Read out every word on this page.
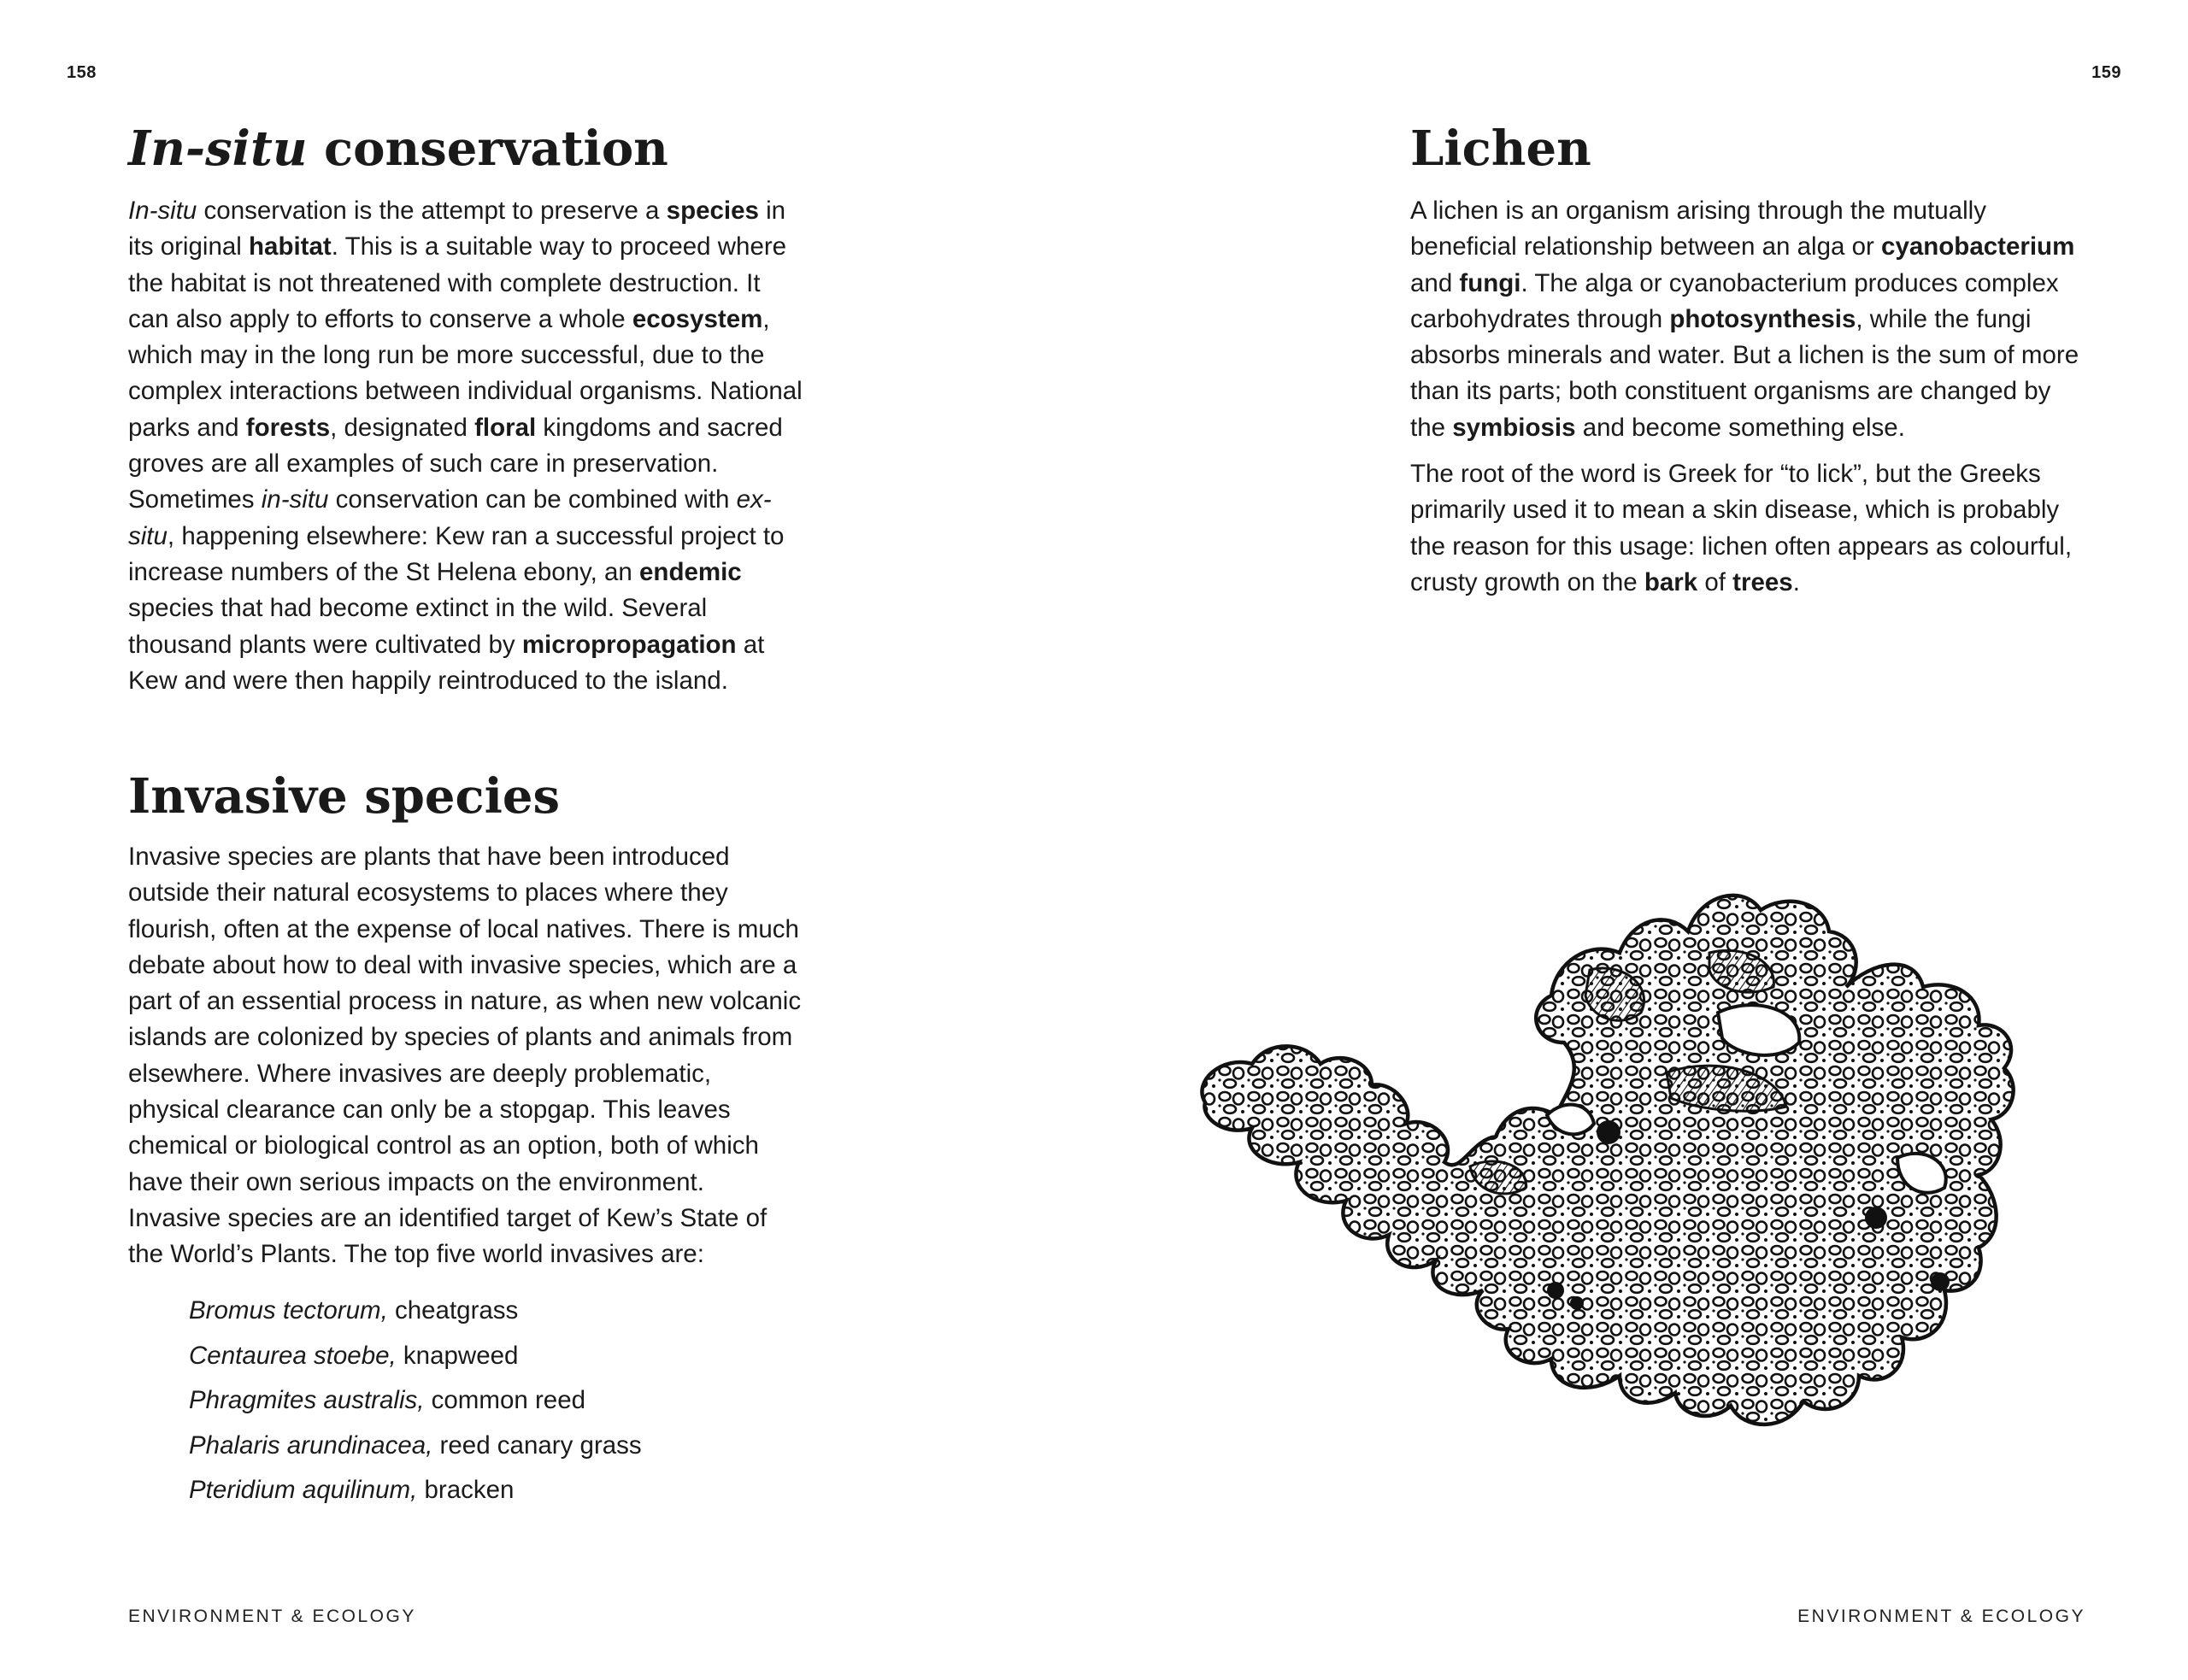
158
In-situ conservation
In-situ conservation is the attempt to preserve a species in its original habitat. This is a suitable way to proceed where the habitat is not threatened with complete destruction. It can also apply to efforts to conserve a whole ecosystem, which may in the long run be more successful, due to the complex interactions between individual organisms. National parks and forests, designated floral kingdoms and sacred groves are all examples of such care in preservation. Sometimes in-situ conservation can be combined with ex-situ, happening elsewhere: Kew ran a successful project to increase numbers of the St Helena ebony, an endemic species that had become extinct in the wild. Several thousand plants were cultivated by micropropagation at Kew and were then happily reintroduced to the island.
Invasive species
Invasive species are plants that have been introduced outside their natural ecosystems to places where they flourish, often at the expense of local natives. There is much debate about how to deal with invasive species, which are a part of an essential process in nature, as when new volcanic islands are colonized by species of plants and animals from elsewhere. Where invasives are deeply problematic, physical clearance can only be a stopgap. This leaves chemical or biological control as an option, both of which have their own serious impacts on the environment. Invasive species are an identified target of Kew’s State of the World’s Plants. The top five world invasives are:
Bromus tectorum, cheatgrass
Centaurea stoebe, knapweed
Phragmites australis, common reed
Phalaris arundinacea, reed canary grass
Pteridium aquilinum, bracken
ENVIRONMENT & ECOLOGY
159
Lichen

A lichen is an organism arising through the mutually beneficial relationship between an alga or cyanobacterium and fungi. The alga or cyanobacterium produces complex carbohydrates through photosynthesis, while the fungi absorbs minerals and water. But a lichen is the sum of more than its parts; both constituent organisms are changed by the symbiosis and become something else.

The root of the word is Greek for “to lick”, but the Greeks primarily used it to mean a skin disease, which is probably the reason for this usage: lichen often appears as colourful, crusty growth on the bark of trees.

ENVIRONMENT & ECOLOGY
